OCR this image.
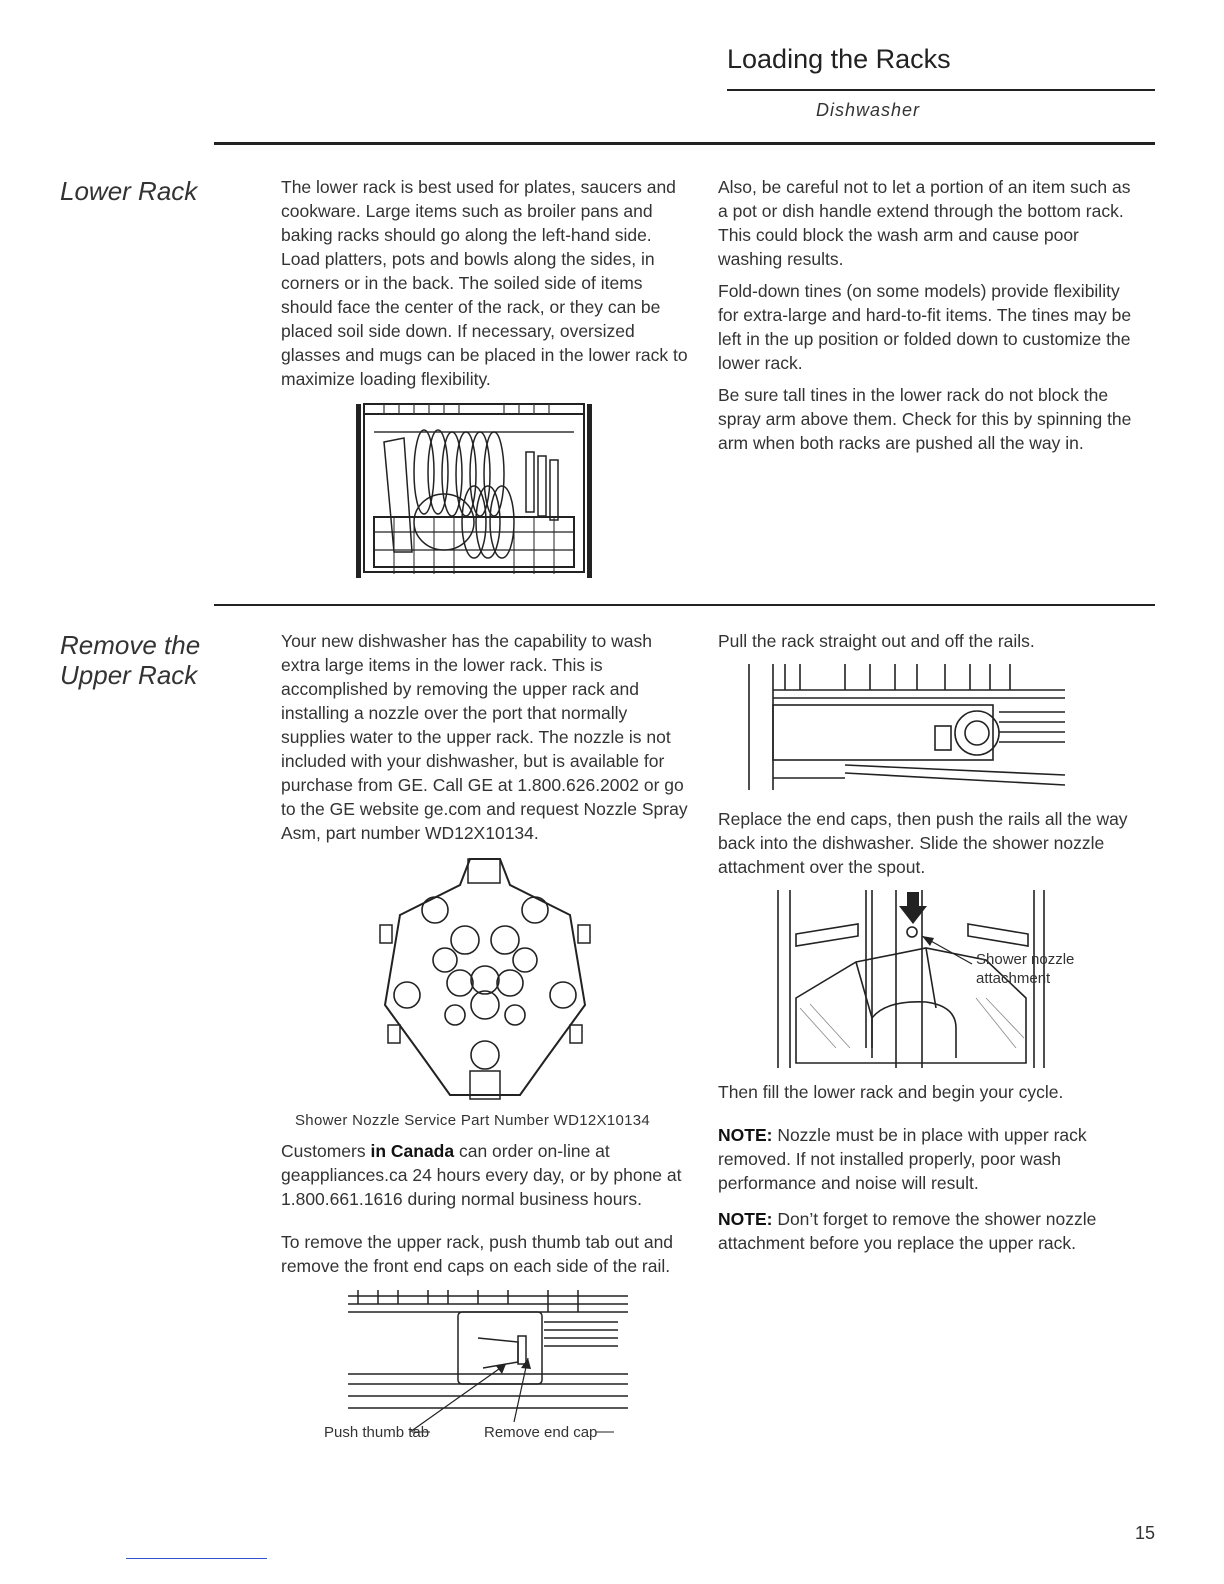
Loading the Racks
Dishwasher
Lower Rack	The lower rack is best used for plates, saucers and cookware. Large items such as broiler pans and baking racks should go along the left-hand side. Load platters, pots and bowls along the sides, in corners or in the back. The soiled side of items should face the center of the rack, or they can be placed soil side down. If necessary, oversized glasses and mugs can be placed in the lower rack to maximize loading flexibility.

Also, be careful not to let a portion of an item such as a pot or dish handle extend through the bottom rack. This could block the wash arm and cause poor washing results.

Fold-down tines (on some models) provide flexibility for extra-large and hard-to-fit items. The tines may be left in the up position or folded down to customize the lower rack.

Be sure tall tines in the lower rack do not block the spray arm above them. Check for this by spinning the arm when both racks are pushed all the way in.

Remove the
Upper Rack

Your new dishwasher has the capability to wash extra large items in the lower rack. This is accomplished by removing the upper rack and installing a nozzle over the port that normally supplies water to the upper rack. The nozzle is not included with your dishwasher, but is available for purchase from GE. Call GE at 1.800.626.2002 or go to the GE website ge.com and request Nozzle Spray Asm, part number WD12X10134.

Shower Nozzle Service Part Number WD12X10134

Customers in Canada can order on-line at geappliances.ca 24 hours every day, or by phone at 1.800.661.1616 during normal business hours.

To remove the upper rack, push thumb tab out and remove the front end caps on each side of the rail.

Push thumb tab	Remove end cap

Pull the rack straight out and off the rails.

Replace the end caps, then push the rails all the way back into the dishwasher. Slide the shower nozzle attachment over the spout.

Shower nozzle
attachment

Then fill the lower rack and begin your cycle.

NOTE: Nozzle must be in place with upper rack removed. If not installed properly, poor wash performance and noise will result.

NOTE: Don’t forget to remove the shower nozzle attachment before you replace the upper rack.

15
